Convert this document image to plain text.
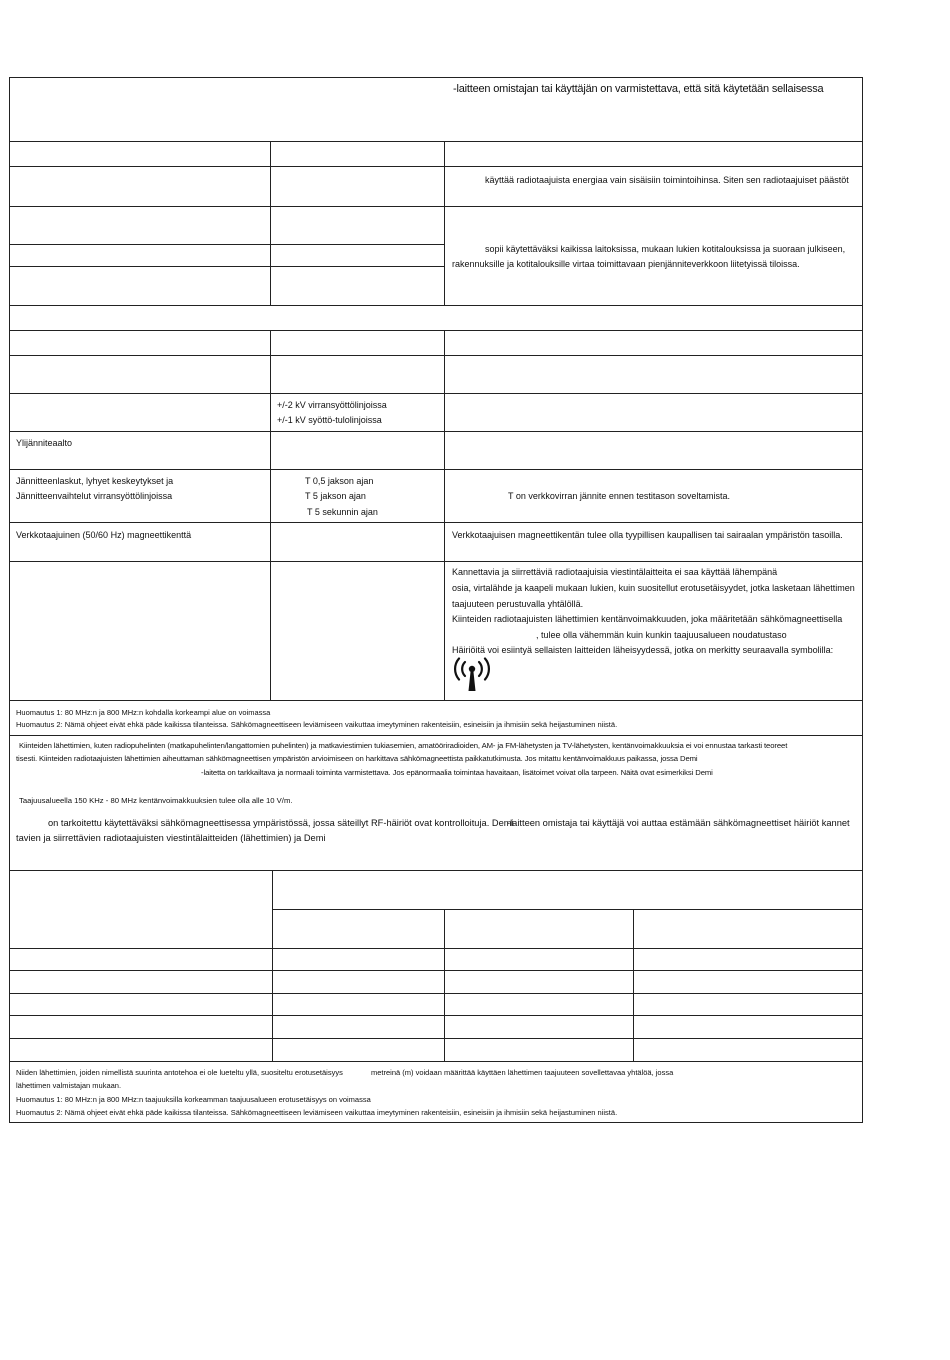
-laitteen omistajan tai käyttäjän on varmistettava, että sitä käytetään sellaisessa
käyttää radiotaajuista energiaa vain sisäisiin toimintoihinsa. Siten sen radiotaajuiset päästöt
sopii käytettäväksi kaikissa laitoksissa, mukaan lukien kotitalouksissa ja suoraan julkiseen,
rakennuksille ja kotitalouksille virtaa toimittavaan pienjänniteverkkoon liitetyissä tiloissa.
+/-2 kV virransyöttölinjoissa
+/-1 kV syöttö-tulolinjoissa
Ylijänniteaalto
Jännitteenlaskut, lyhyet keskeytykset ja
Jännitteenvaihtelut virransyöttölinjoissa
T 0,5 jakson ajan
T 5 jakson ajan
T 5 sekunnin ajan
T on verkkovirran jännite ennen testitason soveltamista.
Verkkotaajuinen (50/60 Hz) magneettikenttä	Verkkotaajuisen magneettikentän tulee olla tyypillisen kaupallisen tai sairaalan ympäristön tasoilla.
Kannettavia ja siirrettäviä radiotaajuisia viestintälaitteita ei saa käyttää lähempänä
osia, virtalähde ja kaapeli mukaan lukien, kuin suositellut erotusetäisyydet, jotka lasketaan lähettimen
taajuuteen perustuvalla yhtälöllä.
Kiinteiden radiotaajuisten lähettimien kentänvoimakkuuden, joka määritetään sähkömagneettisella
, tulee olla vähemmän kuin kunkin taajuusalueen noudatustaso
Häiriöitä voi esiintyä sellaisten laitteiden läheisyydessä, jotka on merkitty seuraavalla symbolilla:
Huomautus 1: 80 MHz:n ja 800 MHz:n kohdalla korkeampi alue on voimassa
Huomautus 2: Nämä ohjeet eivät ehkä päde kaikissa tilanteissa. Sähkömagneettiseen leviämiseen vaikuttaa imeytyminen rakenteisiin, esineisiin ja ihmisiin sekä heijastuminen niistä.
Kiinteiden lähettimien, kuten radiopuhelinten (matkapuhelinten/langattomien puhelinten) ja matkaviestimien tukiasemien, amatööriradioiden, AM- ja FM-lähetysten ja TV-lähetysten, kentänvoimakkuuksia ei voi ennustaa tarkasti teoreet
tisesti. Kiinteiden radiotaajuisten lähettimien aiheuttaman sähkömagneettisen ympäristön arvioimiseen on harkittava sähkömagneettista paikkatutkimusta. Jos mitattu kentänvoimakkuus paikassa, jossa Demi
-laitetta on tarkkailtava ja normaali toiminta varmistettava. Jos epänormaalia toimintaa havaitaan, lisätoimet voivat olla tarpeen. Näitä ovat esimerkiksi Demi
Taajuusalueella 150 KHz - 80 MHz kentänvoimakkuuksien tulee olla alle 10 V/m.
on tarkoitettu käytettäväksi sähkömagneettisessa ympäristössä, jossa säteillyt RF-häiriöt ovat kontrolloituja. Demi
-laitteen omistaja tai käyttäjä voi auttaa estämään sähkömagneettiset häiriöt kannet
tavien ja siirrettävien radiotaajuisten viestintälaitteiden (lähettimien) ja Demi
Niiden lähettimien, joiden nimellistä suurinta antotehoa ei ole lueteltu yllä, suositeltu erotusetäisyys	metreinä (m) voidaan määrittää käyttäen lähettimen taajuuteen sovellettavaa yhtälöä, jossa
lähettimen valmistajan mukaan.
Huomautus 1: 80 MHz:n ja 800 MHz:n taajuuksilla korkeamman taajuusalueen erotusetäisyys on voimassa
Huomautus 2: Nämä ohjeet eivät ehkä päde kaikissa tilanteissa. Sähkömagneettiseen leviämiseen vaikuttaa imeytyminen rakenteisiin, esineisiin ja ihmisiin sekä heijastuminen niistä.
